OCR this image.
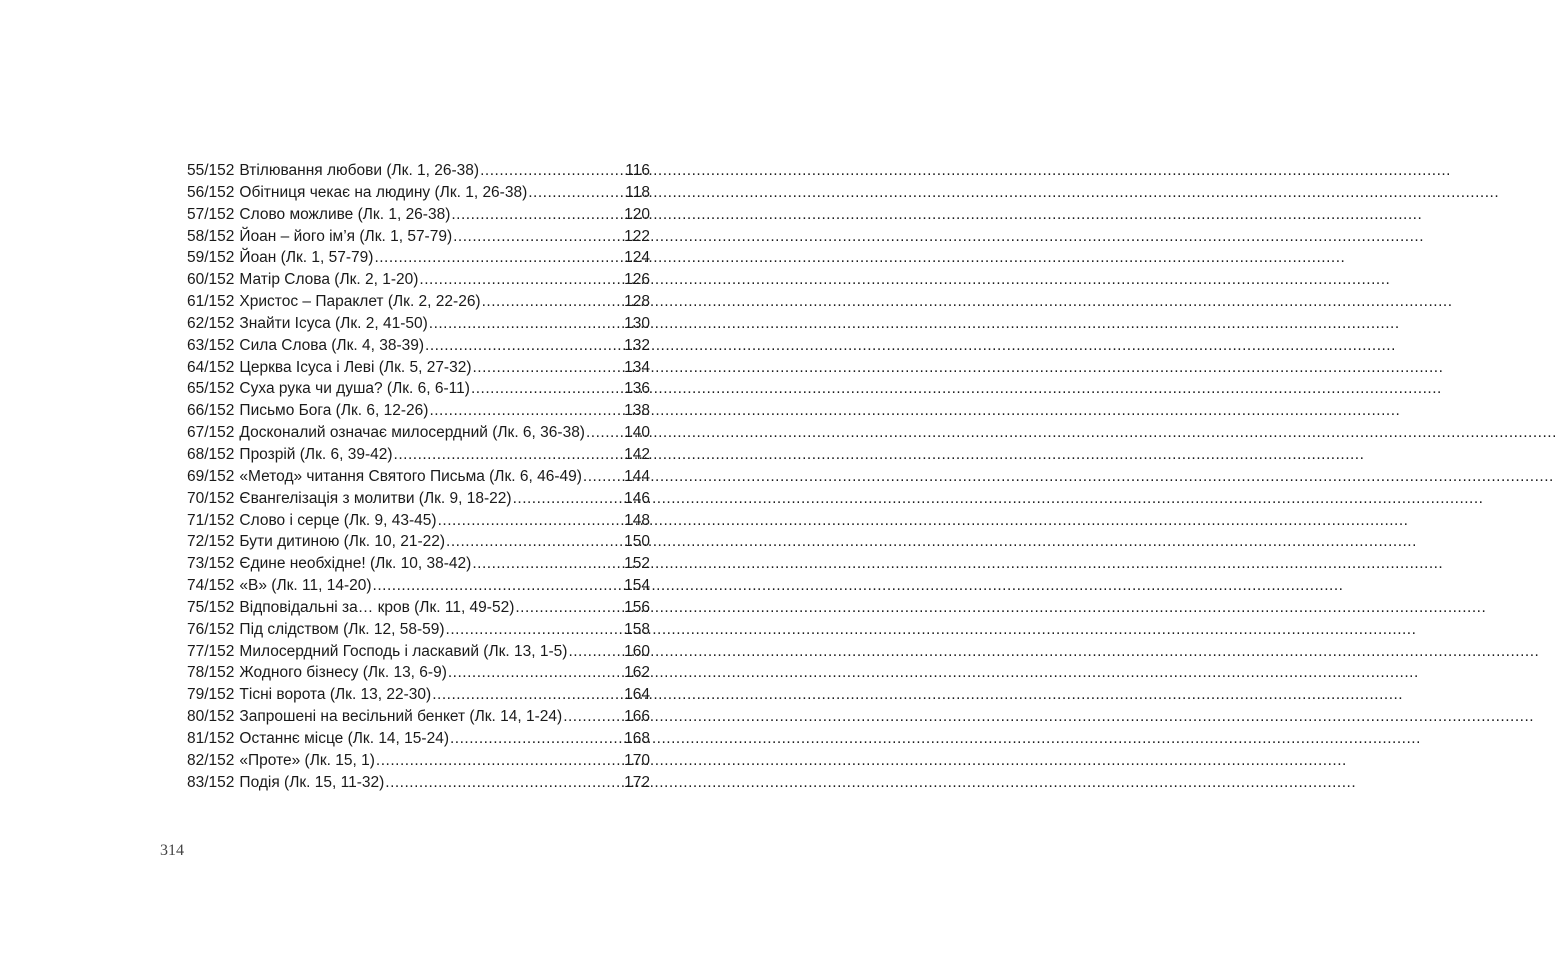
55/152 Втілювання любови (Лк. 1, 26-38) .....	116
56/152 Обітниця чекає на людину (Лк. 1, 26-38) .....	118
57/152 Слово можливе (Лк. 1, 26-38) .....	120
58/152 Йоан – його ім’я (Лк. 1, 57-79) .....	122
59/152 Йоан (Лк. 1, 57-79) .....	124
60/152 Матір Слова (Лк. 2, 1-20) .....	126
61/152 Христос – Параклет (Лк. 2, 22-26) .....	128
62/152 Знайти Ісуса (Лк. 2, 41-50) .....	130
63/152 Сила Слова (Лк. 4, 38-39) .....	132
64/152 Церква Ісуса і Леві (Лк. 5, 27-32) .....	134
65/152 Суха рука чи душа? (Лк. 6, 6-11) .....	136
66/152 Письмо Бога (Лк. 6, 12-26) .....	138
67/152 Досконалий означає милосердний (Лк. 6, 36-38) .....	140
68/152 Прозрій (Лк. 6, 39-42) .....	142
69/152 «Метод» читання Святого Письма (Лк. 6, 46-49) .....	144
70/152 Євангелізація з молитви (Лк. 9, 18-22) .....	146
71/152 Слово і серце (Лк. 9, 43-45) .....	148
72/152 Бути дитиною (Лк. 10, 21-22) .....	150
73/152 Єдине необхідне! (Лк. 10, 38-42) .....	152
74/152 «В» (Лк. 11, 14-20) .....	154
75/152 Відповідальні за… кров (Лк. 11, 49-52) .....	156
76/152 Під слідством (Лк. 12, 58-59) .....	158
77/152 Милосердний Господь і ласкавий (Лк. 13, 1-5) .....	160
78/152 Жодного бізнесу (Лк. 13, 6-9) .....	162
79/152 Тісні ворота (Лк. 13, 22-30) .....	164
80/152 Запрошені на весільний бенкет (Лк. 14, 1-24) .....	166
81/152 Останнє місце (Лк. 14, 15-24) .....	168
82/152 «Проте» (Лк. 15, 1) .....	170
83/152 Подія (Лк. 15, 11-32) .....	172
314
